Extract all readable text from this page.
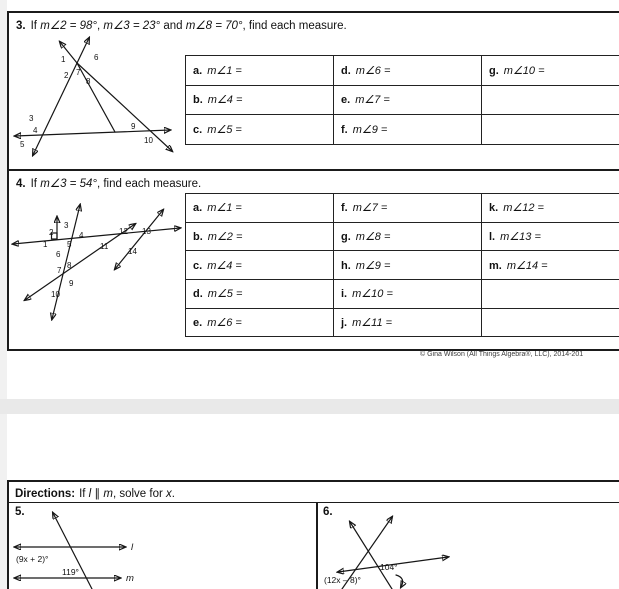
3. If m∠2 = 98°, m∠3 = 23° and m∠8 = 70°, find each measure.
1	6
2 7
8
3
4
5
9
10
a. m∠1 =	d. m∠6 =	g. m∠10 =
b. m∠4 =	e. m∠7 =	
c. m∠5 =	f. m∠9 =	
4. If m∠3 = 54°, find each measure.
1
2
3
4
5
6
7
8
9
10
11
12 13
14
a. m∠1 =	f. m∠7 =	k. m∠12 =
b. m∠2 =	g. m∠8 =	l. m∠13 =
c. m∠4 =	h. m∠9 =	m. m∠14 =
d. m∠5 =	i. m∠10 =	
e. m∠6 =	j. m∠11 =	
© Gina Wilson (All Things Algebra®, LLC), 2014-201
Directions: If l ∥ m, solve for x.
5.
l
m
(9x + 2)°
119°
6.
(12x – 8)°
104°
